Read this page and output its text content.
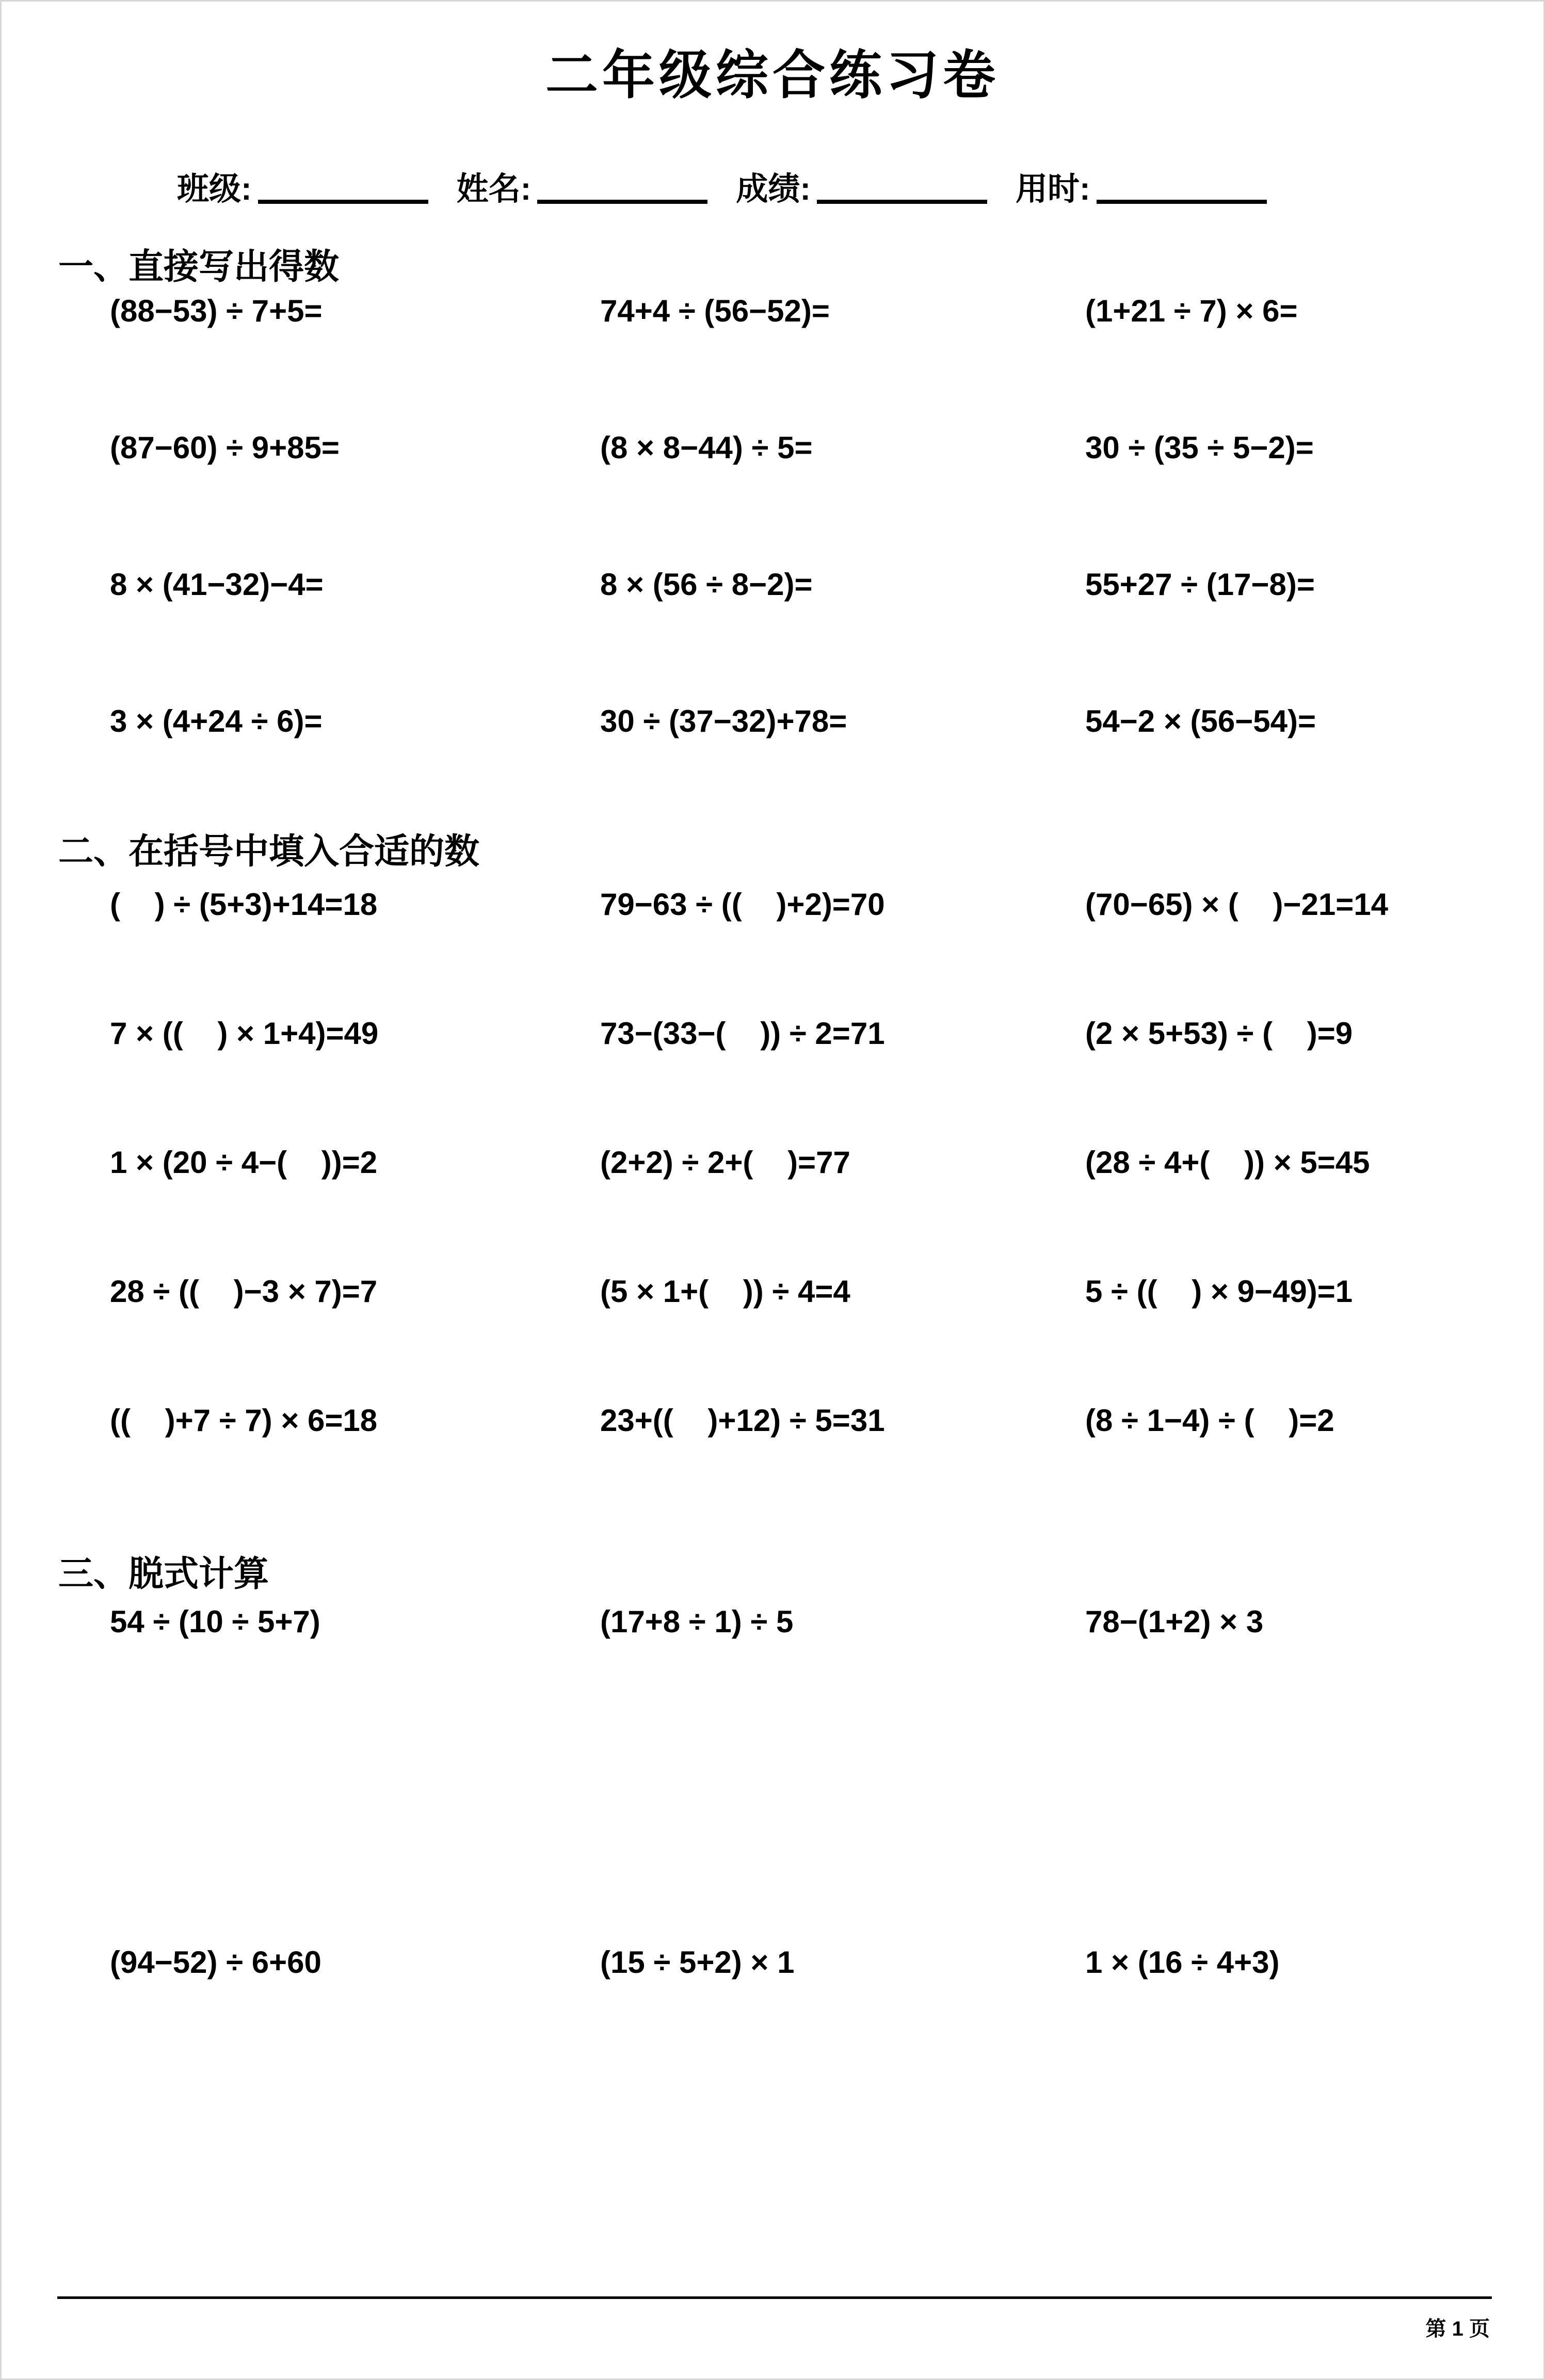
二年级综合练习卷
班级:	姓名:	成绩:	用时:
一、直接写出得数
(88−53) ÷ 7+5=	74+4 ÷ (56−52)=	(1+21 ÷ 7) × 6=
(87−60) ÷ 9+85=	(8 × 8−44) ÷ 5=	30 ÷ (35 ÷ 5−2)=
8 × (41−32)−4=	8 × (56 ÷ 8−2)=	55+27 ÷ (17−8)=
3 × (4+24 ÷ 6)=	30 ÷ (37−32)+78=	54−2 × (56−54)=
二、在括号中填入合适的数
(    ) ÷ (5+3)+14=18	79−63 ÷ ((    )+2)=70	(70−65) × (    )−21=14
7 × ((    ) × 1+4)=49	73−(33−(    )) ÷ 2=71	(2 × 5+53) ÷ (    )=9
1 × (20 ÷ 4−(    ))=2	(2+2) ÷ 2+(    )=77	(28 ÷ 4+(    )) × 5=45
28 ÷ ((    )−3 × 7)=7	(5 × 1+(    )) ÷ 4=4	5 ÷ ((    ) × 9−49)=1
((    )+7 ÷ 7) × 6=18	23+((    )+12) ÷ 5=31	(8 ÷ 1−4) ÷ (    )=2
三、脱式计算
54 ÷ (10 ÷ 5+7)	(17+8 ÷ 1) ÷ 5	78−(1+2) × 3
(94−52) ÷ 6+60	(15 ÷ 5+2) × 1	1 × (16 ÷ 4+3)
第 1 页
